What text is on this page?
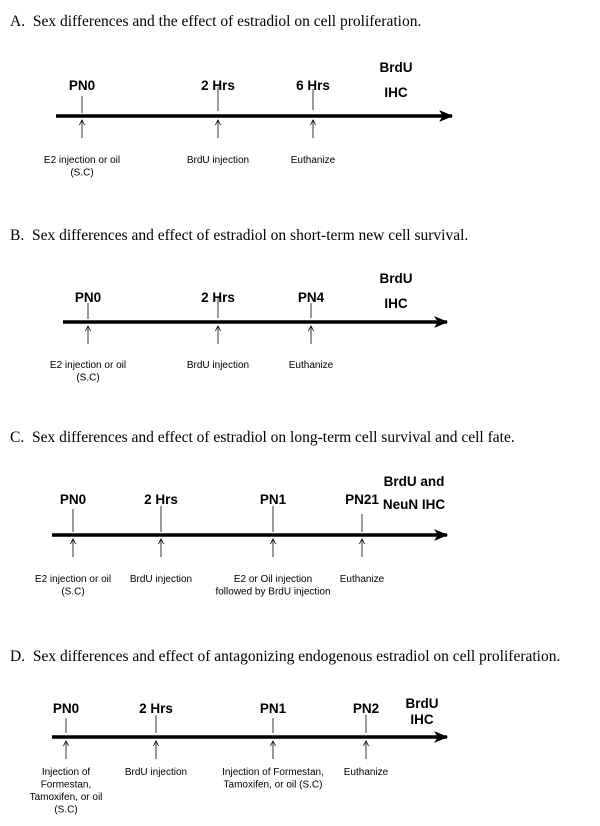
A. Sex differences and the effect of estradiol on cell proliferation.
B. Sex differences and effect of estradiol on short-term new cell survival.
C. Sex differences and effect of estradiol on long-term cell survival and cell fate.
D. Sex differences and effect of antagonizing endogenous estradiol on cell proliferation.
PN0
E2 injection or oil
(S.C)
2 Hrs
BrdU injection
6 Hrs
Euthanize
BrdU
IHC
PN0
E2 injection or oil
(S.C)
2 Hrs
BrdU injection
PN4
Euthanize
BrdU
IHC
PN0
E2 injection or oil
(S.C)
2 Hrs
BrdU injection
PN1
E2 or Oil injection
followed by BrdU injection
PN21
Euthanize
BrdU and
NeuN IHC
PN0
Injection of
Formestan,
Tamoxifen, or oil
(S.C)
2 Hrs
BrdU injection
PN1
Injection of Formestan,
Tamoxifen, or oil (S.C)
PN2
Euthanize
BrdU
IHC
